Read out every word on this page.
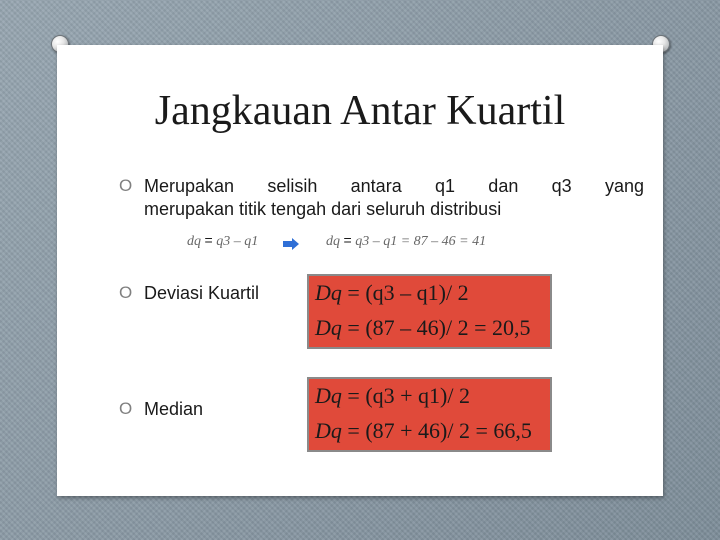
Jangkauan Antar Kuartil
O Merupakan selisih antara q1 dan q3 yang
merupakan titik tengah dari seluruh distribusi
dq = q3 – q1	dq = q3 – q1 = 87 – 46 = 41
O Deviasi Kuartil	Dq = (q3 – q1)/ 2
Dq = (87 – 46)/ 2 = 20,5
O Median
Dq = (q3 + q1)/ 2
Dq = (87 + 46)/ 2 = 66,5
